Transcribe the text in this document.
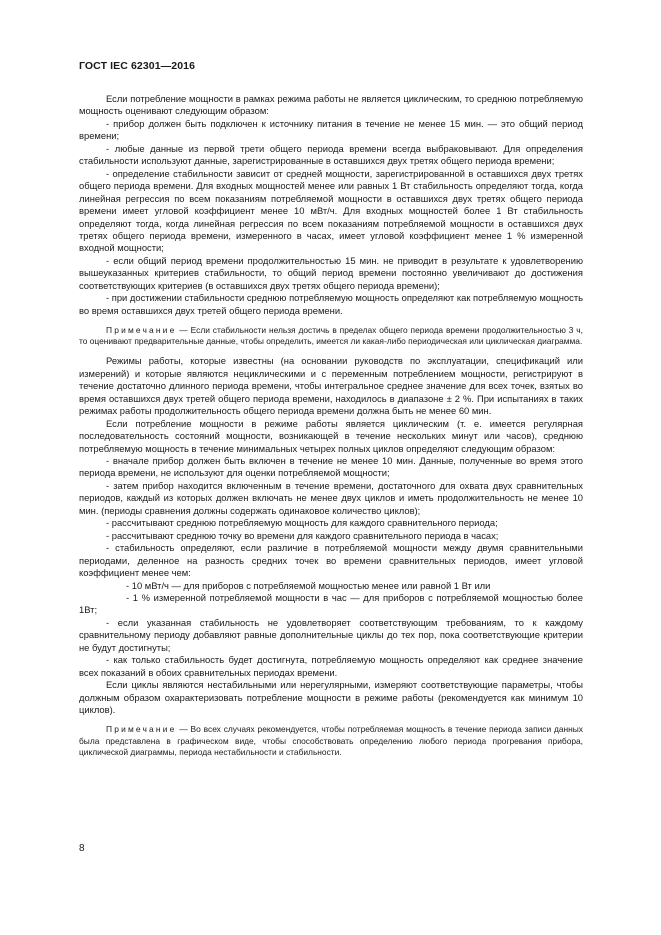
ГОСТ IEC 62301—2016

Если потребление мощности в рамках режима работы не является циклическим, то среднюю потребляемую мощность оценивают следующим образом:

- прибор должен быть подключен к источнику питания в течение не менее 15 мин. — это общий период времени;

- любые данные из первой трети общего периода времени всегда выбраковывают. Для определения стабильности используют данные, зарегистрированные в оставшихся двух третях общего периода времени;

- определение стабильности зависит от средней мощности, зарегистрированной в оставшихся двух третях общего периода времени. Для входных мощностей менее или равных 1 Вт стабильность определяют тогда, когда линейная регрессия по всем показаниям потребляемой мощности в оставшихся двух третях общего периода времени имеет угловой коэффициент менее 10 мВт/ч. Для входных мощностей более 1 Вт стабильность определяют тогда, когда линейная регрессия по всем показаниям потребляемой мощности в оставшихся двух третях общего периода времени, измеренного в часах, имеет угловой коэффициент менее 1 % измеренной входной мощности;

- если общий период времени продолжительностью 15 мин. не приводит в результате к удовлетворению вышеуказанных критериев стабильности, то общий период времени постоянно увеличивают до достижения соответствующих критериев (в оставшихся двух третях общего периода времени);

- при достижении стабильности среднюю потребляемую мощность определяют как потребляемую мощность во время оставшихся двух третей общего периода времени.

Примечание — Если стабильности нельзя достичь в пределах общего периода времени продолжительностью 3 ч, то оценивают предварительные данные, чтобы определить, имеется ли какая-либо периодическая или циклическая диаграмма.

Режимы работы, которые известны (на основании руководств по эксплуатации, спецификаций или измерений) и которые являются нециклическими и с переменным потреблением мощности, регистрируют в течение достаточно длинного периода времени, чтобы интегральное среднее значение для всех точек, взятых во время оставшихся двух третей общего периода времени, находилось в диапазоне ± 2 %. При испытаниях в таких режимах работы продолжительность общего периода времени должна быть не менее 60 мин.

Если потребление мощности в режиме работы является циклическим (т. е. имеется регулярная последовательность состояний мощности, возникающей в течение нескольких минут или часов), среднюю потребляемую мощность в течение минимальных четырех полных циклов определяют следующим образом:

- вначале прибор должен быть включен в течение не менее 10 мин. Данные, полученные во время этого периода времени, не используют для оценки потребляемой мощности;

- затем прибор находится включенным в течение времени, достаточного для охвата двух сравнительных периодов, каждый из которых должен включать не менее двух циклов и иметь продолжительность не менее 10 мин. (периоды сравнения должны содержать одинаковое количество циклов);

- рассчитывают среднюю потребляемую мощность для каждого сравнительного периода;

- рассчитывают среднюю точку во времени для каждого сравнительного периода в часах;

- стабильность определяют, если различие в потребляемой мощности между двумя сравнительными периодами, деленное на разность средних точек во времени сравнительных периодов, имеет угловой коэффициент менее чем:

- 10 мВт/ч — для приборов с потребляемой мощностью менее или равной 1 Вт или

- 1 % измеренной потребляемой мощности в час — для приборов с потребляемой мощностью более 1Вт;

- если указанная стабильность не удовлетворяет соответствующим требованиям, то к каждому сравнительному периоду добавляют равные дополнительные циклы до тех пор, пока соответствующие критерии не будут достигнуты;

- как только стабильность будет достигнута, потребляемую мощность определяют как среднее значение всех показаний в обоих сравнительных периодах времени.

Если циклы являются нестабильными или нерегулярными, измеряют соответствующие параметры, чтобы должным образом охарактеризовать потребление мощности в режиме работы (рекомендуется как минимум 10 циклов).

Примечание — Во всех случаях рекомендуется, чтобы потребляемая мощность в течение периода записи данных была представлена в графическом виде, чтобы способствовать определению любого периода прогревания прибора, циклической диаграммы, периода нестабильности и стабильности.

8
